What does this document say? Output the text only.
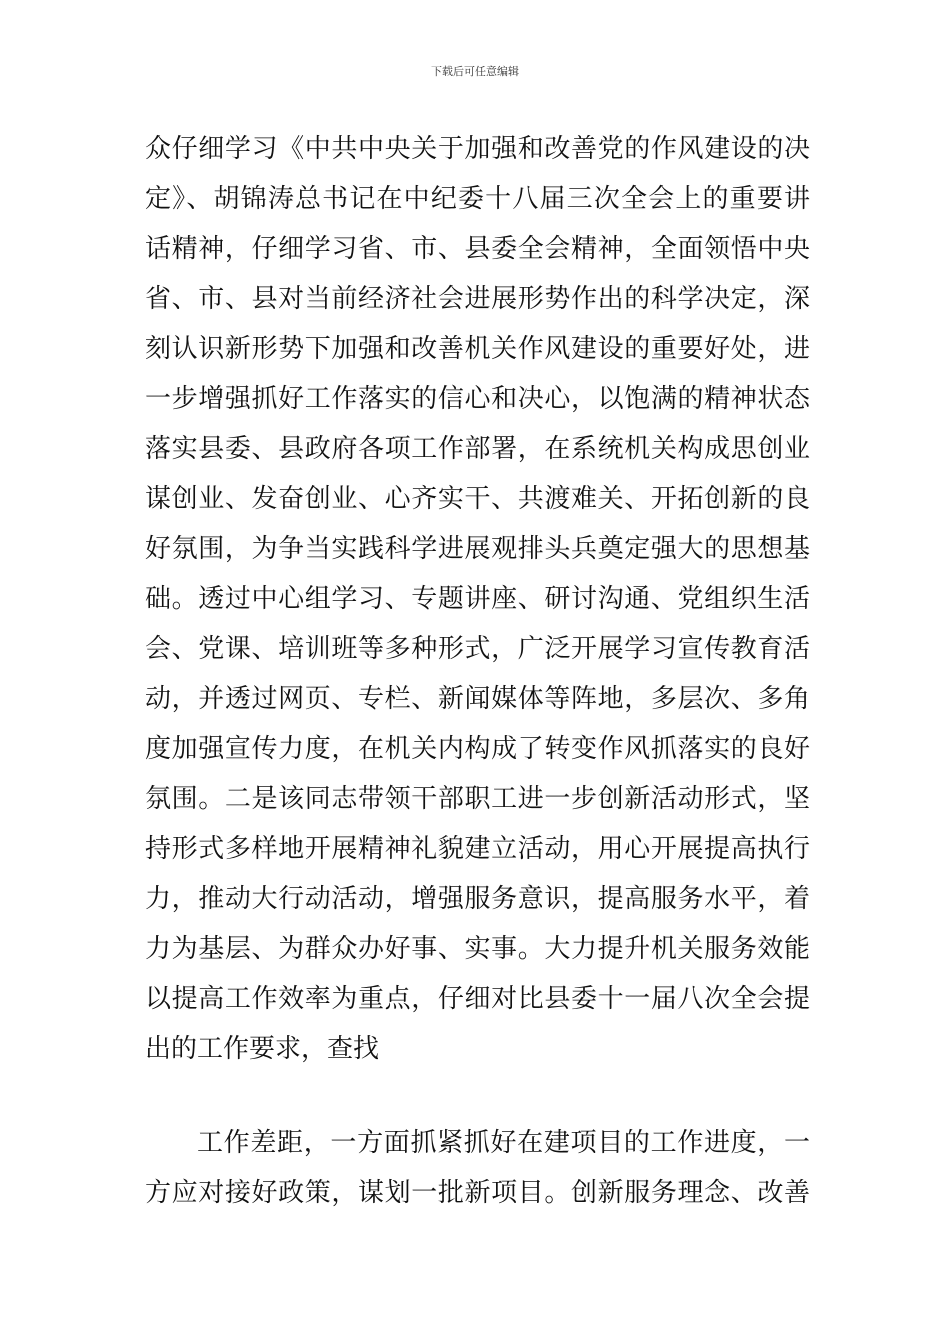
下载后可任意编辑
众仔细学习《中共中央关于加强和改善党的作风建设的决
定》、胡锦涛总书记在中纪委十八届三次全会上的重要讲
话精神，仔细学习省、市、县委全会精神，全面领悟中央
省、市、县对当前经济社会进展形势作出的科学决定，深
刻认识新形势下加强和改善机关作风建设的重要好处，进
一步增强抓好工作落实的信心和决心，以饱满的精神状态
落实县委、县政府各项工作部署，在系统机关构成思创业
谋创业、发奋创业、心齐实干、共渡难关、开拓创新的良
好氛围，为争当实践科学进展观排头兵奠定强大的思想基
础。透过中心组学习、专题讲座、研讨沟通、党组织生活
会、党课、培训班等多种形式，广泛开展学习宣传教育活
动，并透过网页、专栏、新闻媒体等阵地，多层次、多角
度加强宣传力度，在机关内构成了转变作风抓落实的良好
氛围。二是该同志带领干部职工进一步创新活动形式，坚
持形式多样地开展精神礼貌建立活动，用心开展提高执行
力，推动大行动活动，增强服务意识，提高服务水平，着
力为基层、为群众办好事、实事。大力提升机关服务效能
以提高工作效率为重点，仔细对比县委十一届八次全会提
出的工作要求，查找
工作差距，一方面抓紧抓好在建项目的工作进度，一
方应对接好政策，谋划一批新项目。创新服务理念、改善
